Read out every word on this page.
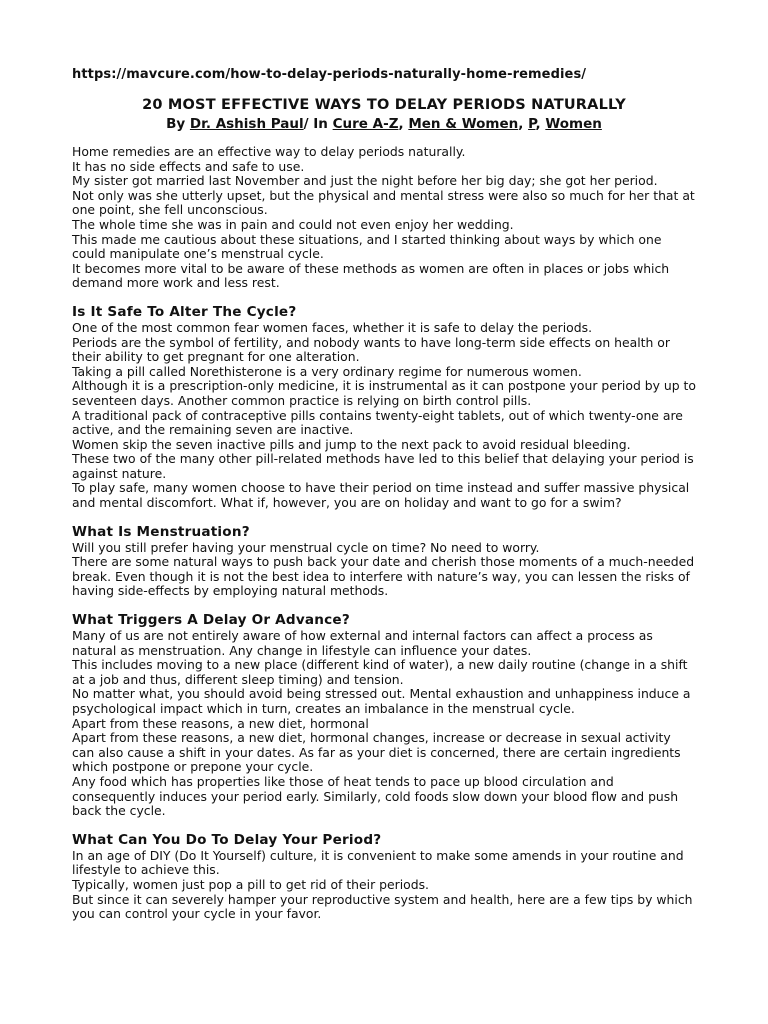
https://mavcure.com/how-to-delay-periods-naturally-home-remedies/
20 MOST EFFECTIVE WAYS TO DELAY PERIODS NATURALLY
By Dr. Ashish Paul/ In Cure A-Z, Men & Women, P, Women

Home remedies are an effective way to delay periods naturally.

It has no side effects and safe to use.

My sister got married last November and just the night before her big day; she got her period.

Not only was she utterly upset, but the physical and mental stress were also so much for her that at one point, she fell unconscious.

The whole time she was in pain and could not even enjoy her wedding.

This made me cautious about these situations, and I started thinking about ways by which one could manipulate one’s menstrual cycle.

It becomes more vital to be aware of these methods as women are often in places or jobs which demand more work and less rest.

Is It Safe To Alter The Cycle?

One of the most common fear women faces, whether it is safe to delay the periods.

Periods are the symbol of fertility, and nobody wants to have long-term side effects on health or their ability to get pregnant for one alteration.

Taking a pill called Norethisterone is a very ordinary regime for numerous women.

Although it is a prescription-only medicine, it is instrumental as it can postpone your period by up to seventeen days. Another common practice is relying on birth control pills.

A traditional pack of contraceptive pills contains twenty-eight tablets, out of which twenty-one are active, and the remaining seven are inactive.

Women skip the seven inactive pills and jump to the next pack to avoid residual bleeding.

These two of the many other pill-related methods have led to this belief that delaying your period is against nature.

To play safe, many women choose to have their period on time instead and suffer massive physical and mental discomfort. What if, however, you are on holiday and want to go for a swim?

What Is Menstruation?

Will you still prefer having your menstrual cycle on time? No need to worry.

There are some natural ways to push back your date and cherish those moments of a much-needed break. Even though it is not the best idea to interfere with nature’s way, you can lessen the risks of having side-effects by employing natural methods.

What Triggers A Delay Or Advance?

Many of us are not entirely aware of how external and internal factors can affect a process as natural as menstruation. Any change in lifestyle can influence your dates.

This includes moving to a new place (different kind of water), a new daily routine (change in a shift at a job and thus, different sleep timing) and tension.

No matter what, you should avoid being stressed out. Mental exhaustion and unhappiness induce a psychological impact which in turn, creates an imbalance in the menstrual cycle.

Apart from these reasons, a new diet, hormonal

Apart from these reasons, a new diet, hormonal changes, increase or decrease in sexual activity can also cause a shift in your dates. As far as your diet is concerned, there are certain ingredients which postpone or prepone your cycle.

Any food which has properties like those of heat tends to pace up blood circulation and consequently induces your period early. Similarly, cold foods slow down your blood flow and push back the cycle.

What Can You Do To Delay Your Period?

In an age of DIY (Do It Yourself) culture, it is convenient to make some amends in your routine and lifestyle to achieve this.

Typically, women just pop a pill to get rid of their periods.

But since it can severely hamper your reproductive system and health, here are a few tips by which you can control your cycle in your favor.
